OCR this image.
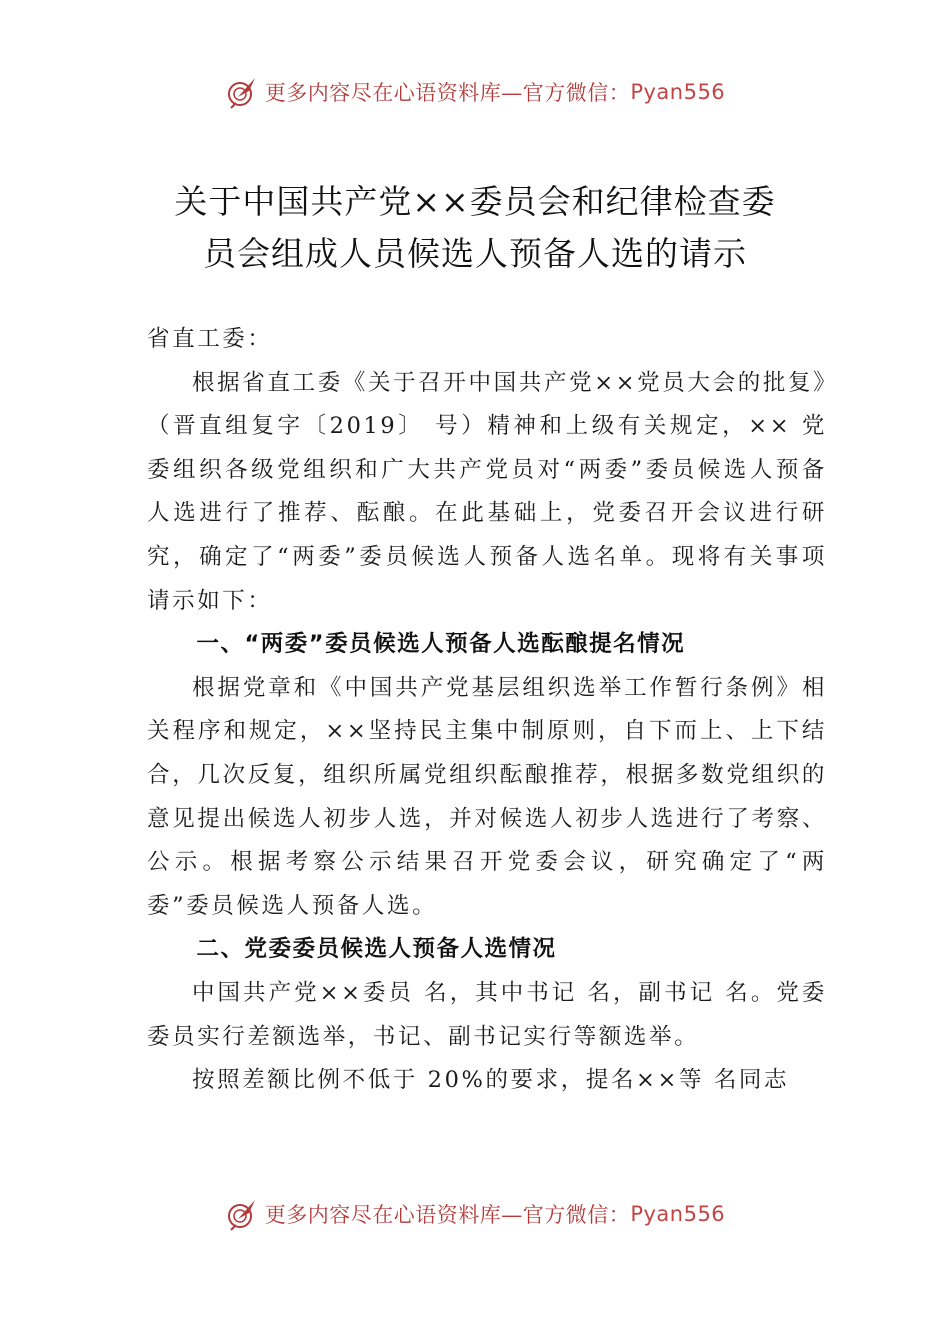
更多内容尽在心语资料库—官方微信： Pyan556
关于中国共产党××委员会和纪律检查委
员会组成人员候选人预备人选的请示

省直工委：

根据省直工委《关于召开中国共产党××党员大会的批复》（晋直组复字〔2019〕 号）精神和上级有关规定，×× 党委组织各级党组织和广大共产党员对“两委”委员候选人预备人选进行了推荐、酝酿。在此基础上，党委召开会议进行研究，确定了“两委”委员候选人预备人选名单。现将有关事项请示如下：

一、“两委”委员候选人预备人选酝酿提名情况

根据党章和《中国共产党基层组织选举工作暂行条例》相关程序和规定，××坚持民主集中制原则，自下而上、上下结合，几次反复，组织所属党组织酝酿推荐，根据多数党组织的意见提出候选人初步人选，并对候选人初步人选进行了考察、公示。根据考察公示结果召开党委会议，研究确定了“两委”委员候选人预备人选。

二、党委委员候选人预备人选情况

中国共产党××委员 名，其中书记 名，副书记 名。党委委员实行差额选举，书记、副书记实行等额选举。

按照差额比例不低于 20%的要求，提名××等 名同志

更多内容尽在心语资料库—官方微信： Pyan556
